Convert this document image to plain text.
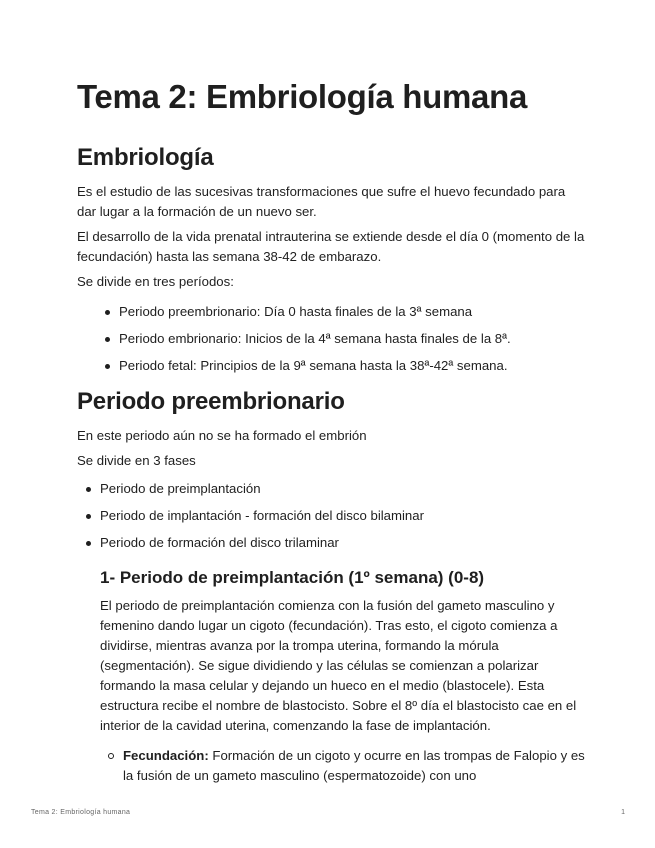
Tema 2: Embriología humana
Embriología

Es el estudio de las sucesivas transformaciones que sufre el huevo fecundado para dar lugar a la formación de un nuevo ser.

El desarrollo de la vida prenatal intrauterina se extiende desde el día 0 (momento de la fecundación) hasta las semana 38-42 de embarazo.

Se divide en tres períodos:

Periodo preembrionario: Día 0 hasta finales de la 3ª semana
Periodo embrionario: Inicios de la 4ª semana hasta finales de la 8ª.
Periodo fetal: Principios de la 9ª semana hasta la 38ª-42ª semana.
Periodo preembrionario

En este periodo aún no se ha formado el embrión

Se divide en 3 fases

Periodo de preimplantación
Periodo de implantación - formación del disco bilaminar
Periodo de formación del disco trilaminar
1- Periodo de preimplantación (1º semana) (0-8)

El periodo de preimplantación comienza con la fusión del gameto masculino y femenino dando lugar un cigoto (fecundación). Tras esto, el cigoto comienza a dividirse, mientras avanza por la trompa uterina, formando la mórula (segmentación). Se sigue dividiendo y las células se comienzan a polarizar formando la masa celular y dejando un hueco en el medio (blastocele). Esta estructura recibe el nombre de blastocisto. Sobre el 8º día el blastocisto cae en el interior de la cavidad uterina, comenzando la fase de implantación.

Fecundación: Formación de un cigoto y ocurre en las trompas de Falopio y es la fusión de un gameto masculino (espermatozoide) con uno
Tema 2: Embriología humana	1
